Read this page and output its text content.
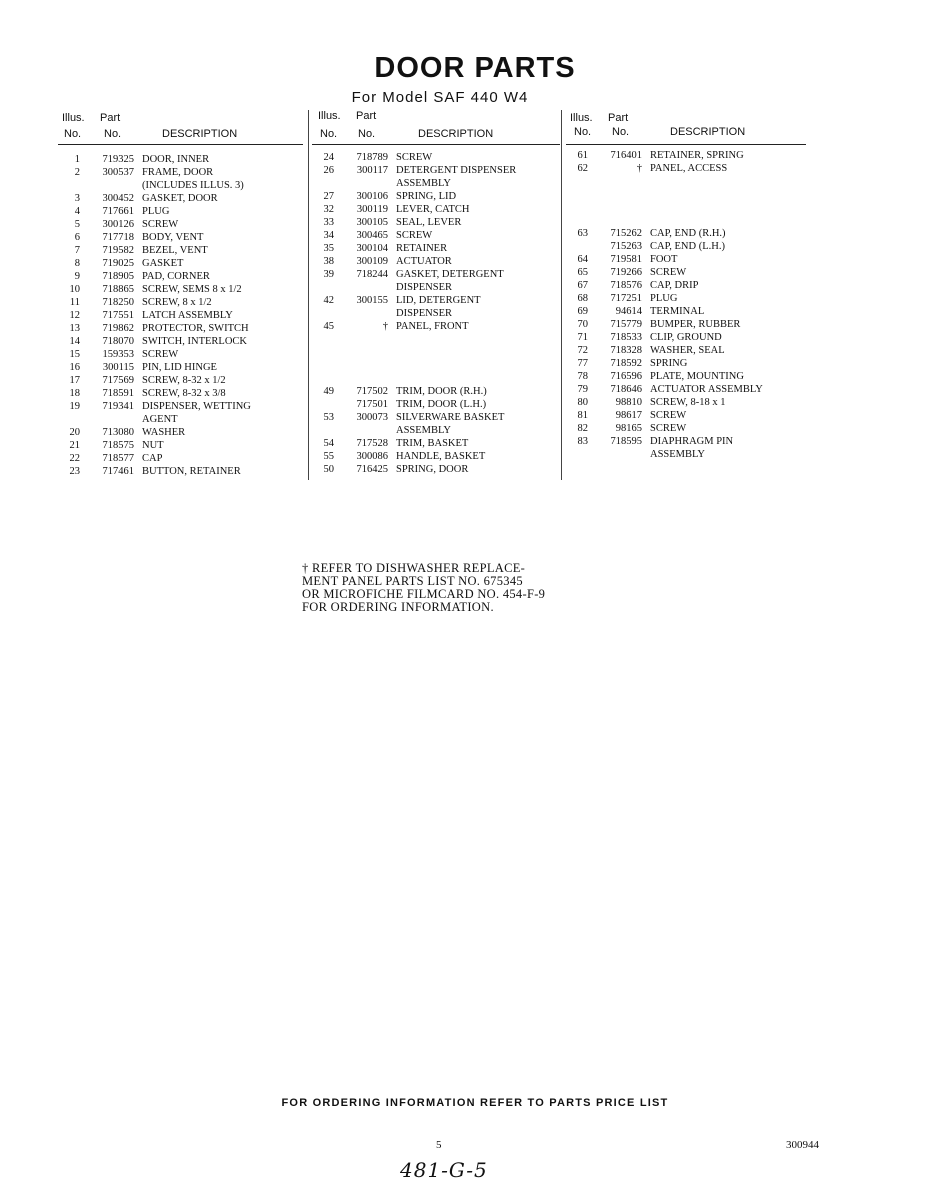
DOOR PARTS
For Model SAF 440 W4
Illus. Part
No. No.	DESCRIPTION
1	719325 DOOR, INNER
2	300537 FRAME, DOOR
(INCLUDES ILLUS. 3)
3	300452 GASKET, DOOR
4	717661 PLUG
5	300126 SCREW
6	717718 BODY, VENT
7	719582 BEZEL, VENT
8	719025 GASKET
9	718905 PAD, CORNER
10	718865 SCREW, SEMS 8 x 1/2
11	718250 SCREW, 8 x 1/2
12	717551 LATCH ASSEMBLY
13	719862 PROTECTOR, SWITCH
14	718070 SWITCH, INTERLOCK
15	159353 SCREW
16	300115 PIN, LID HINGE
17	717569 SCREW, 8-32 x 1/2
18	718591 SCREW, 8-32 x 3/8
19	719341 DISPENSER, WETTING
AGENT
20	713080 WASHER
21	718575 NUT
22	718577 CAP
23	717461 BUTTON, RETAINER
Illus. Part
No. No.	DESCRIPTION
24	718789 SCREW
26	300117 DETERGENT DISPENSER
ASSEMBLY
27	300106 SPRING, LID
32	300119 LEVER, CATCH
33	300105 SEAL, LEVER
34	300465 SCREW
35	300104 RETAINER
38	300109 ACTUATOR
39	718244 GASKET, DETERGENT
DISPENSER
42	300155 LID, DETERGENT
DISPENSER
45	† PANEL, FRONT
49	717502 TRIM, DOOR (R.H.)
717501 TRIM, DOOR (L.H.)
53	300073 SILVERWARE BASKET
ASSEMBLY
54	717528 TRIM, BASKET
55	300086 HANDLE, BASKET
50	716425 SPRING, DOOR
Illus. Part
No. No.	DESCRIPTION
61	716401 RETAINER, SPRING
62	† PANEL, ACCESS
63	715262 CAP, END (R.H.)
715263 CAP, END (L.H.)
64	719581 FOOT
65	719266 SCREW
67	718576 CAP, DRIP
68	717251 PLUG
69	94614 TERMINAL
70	715779 BUMPER, RUBBER
71	718533 CLIP, GROUND
72	718328 WASHER, SEAL
77	718592 SPRING
78	716596 PLATE, MOUNTING
79	718646 ACTUATOR ASSEMBLY
80	98810 SCREW, 8-18 x 1
81	98617 SCREW
82	98165 SCREW
83	718595 DIAPHRAGM PIN
ASSEMBLY
† REFER TO DISHWASHER REPLACE-
MENT PANEL PARTS LIST NO. 675345
OR MICROFICHE FILMCARD NO. 454-F-9
FOR ORDERING INFORMATION.
FOR ORDERING INFORMATION REFER TO PARTS PRICE LIST
5	300944
481-G-5
